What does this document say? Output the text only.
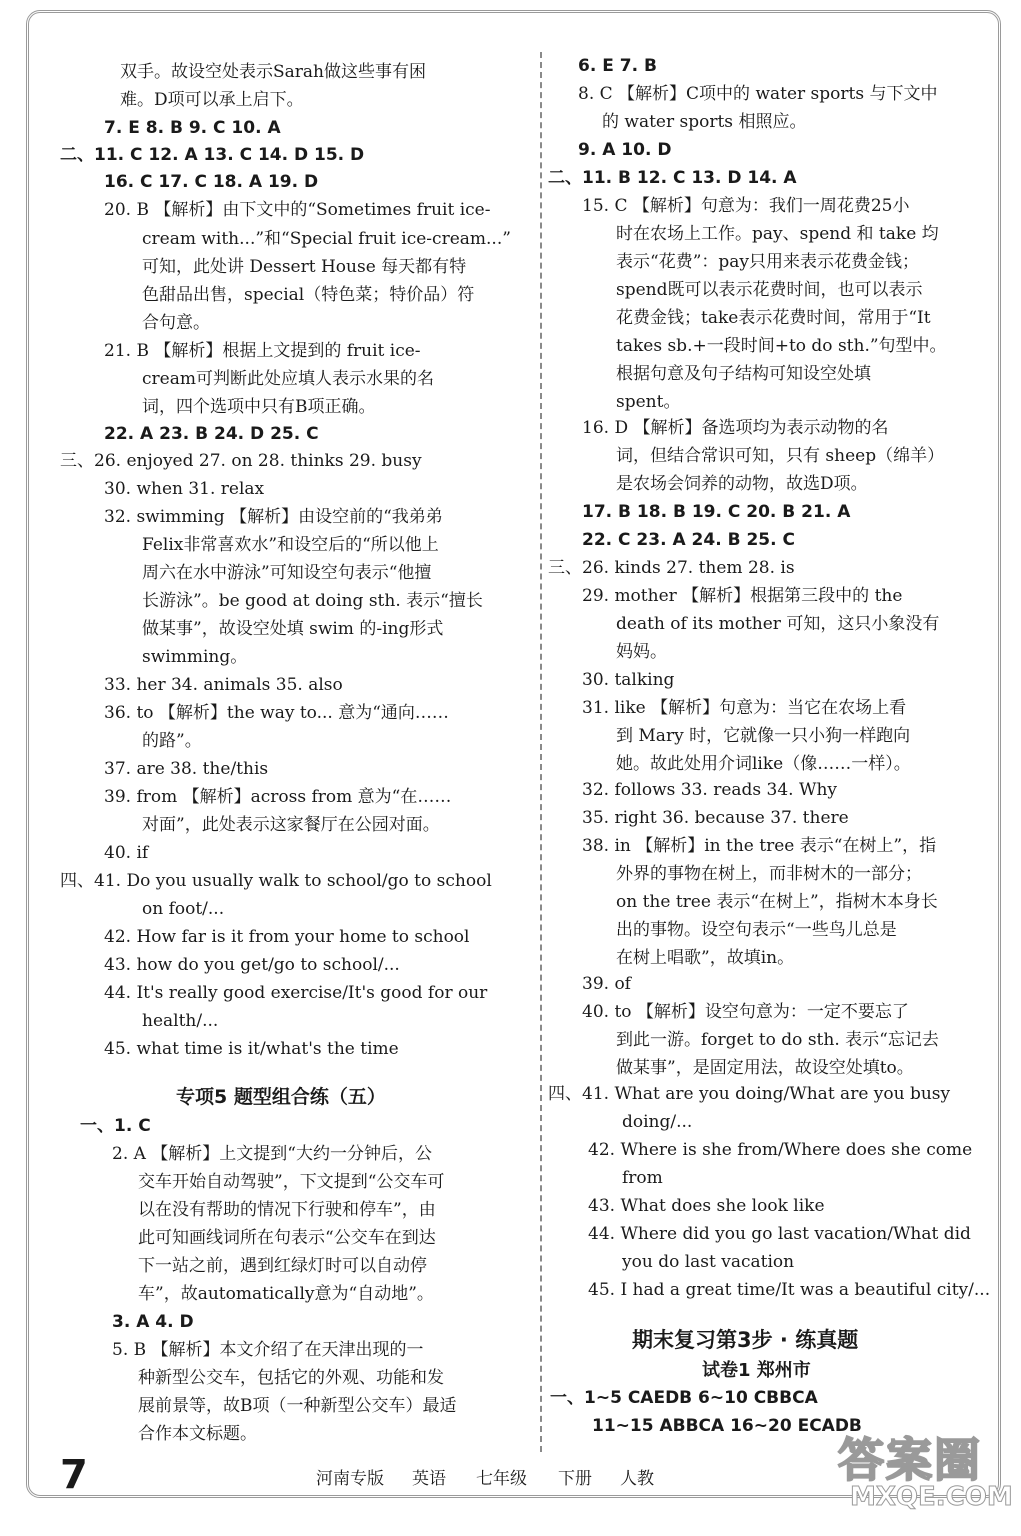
双手。故设空处表示Sarah做这些事有困
难。D项可以承上启下。
7. E 8. B 9. C 10. A
二、11. C 12. A 13. C 14. D 15. D
16. C 17. C 18. A 19. D
20. B 【解析】由下文中的“Sometimes fruit ice-
cream with...”和“Special fruit ice-cream...”
可知，此处讲 Dessert House 每天都有特
色甜品出售，special（特色菜；特价品）符
合句意。
21. B 【解析】根据上文提到的 fruit ice-
cream可判断此处应填人表示水果的名
词，四个选项中只有B项正确。
22. A 23. B 24. D 25. C
三、26. enjoyed 27. on 28. thinks 29. busy
30. when 31. relax
32. swimming 【解析】由设空前的“我弟弟
Felix非常喜欢水”和设空后的“所以他上
周六在水中游泳”可知设空句表示“他擅
长游泳”。be good at doing sth. 表示“擅长
做某事”，故设空处填 swim 的-ing形式
swimming。
33. her 34. animals 35. also
36. to 【解析】the way to... 意为“通向……
的路”。
37. are 38. the/this
39. from 【解析】across from 意为“在……
对面”，此处表示这家餐厅在公园对面。
40. if
四、41. Do you usually walk to school/go to school
on foot/...
42. How far is it from your home to school
43. how do you get/go to school/...
44. It's really good exercise/It's good for our
health/...
45. what time is it/what's the time
专项5 题型组合练（五）
一、1. C
2. A 【解析】上文提到“大约一分钟后，公
交车开始自动驾驶”，下文提到“公交车可
以在没有帮助的情况下行驶和停车”，由
此可知画线词所在句表示“公交车在到达
下一站之前，遇到红绿灯时可以自动停
车”，故automatically意为“自动地”。
3. A 4. D
5. B 【解析】本文介绍了在天津出现的一
种新型公交车，包括它的外观、功能和发
展前景等，故B项（一种新型公交车）最适
合作本文标题。
6. E 7. B
8. C 【解析】C项中的 water sports 与下文中
的 water sports 相照应。
9. A 10. D
二、11. B 12. C 13. D 14. A
15. C 【解析】句意为：我们一周花费25小
时在农场上工作。pay、spend 和 take 均
表示“花费”：pay只用来表示花费金钱；
spend既可以表示花费时间，也可以表示
花费金钱；take表示花费时间，常用于“It
takes sb.+一段时间+to do sth.”句型中。
根据句意及句子结构可知设空处填
spent。
16. D 【解析】备选项均为表示动物的名
词，但结合常识可知，只有 sheep（绵羊）
是农场会饲养的动物，故选D项。
17. B 18. B 19. C 20. B 21. A
22. C 23. A 24. B 25. C
三、26. kinds 27. them 28. is
29. mother 【解析】根据第三段中的 the
death of its mother 可知，这只小象没有
妈妈。
30. talking
31. like 【解析】句意为：当它在农场上看
到 Mary 时，它就像一只小狗一样跑向
她。故此处用介词like（像……一样）。
32. follows 33. reads 34. Why
35. right 36. because 37. there
38. in 【解析】in the tree 表示“在树上”，指
外界的事物在树上，而非树木的一部分；
on the tree 表示“在树上”，指树木本身长
出的事物。设空句表示“一些鸟儿总是
在树上唱歌”，故填in。
39. of
40. to 【解析】设空句意为：一定不要忘了
到此一游。forget to do sth. 表示“忘记去
做某事”，是固定用法，故设空处填to。
四、41. What are you doing/What are you busy
doing/...
42. Where is she from/Where does she come
from
43. What does she look like
44. Where did you go last vacation/What did
you do last vacation
45. I had a great time/It was a beautiful city/...
期末复习第3步 · 练真题
试卷1 郑州市
一、1~5 CAEDB 6~10 CBBCA
11~15 ABBCA 16~20 ECADB
7	河南专版 英语 七年级 下册 人教	答案圈
MXQE.COM
